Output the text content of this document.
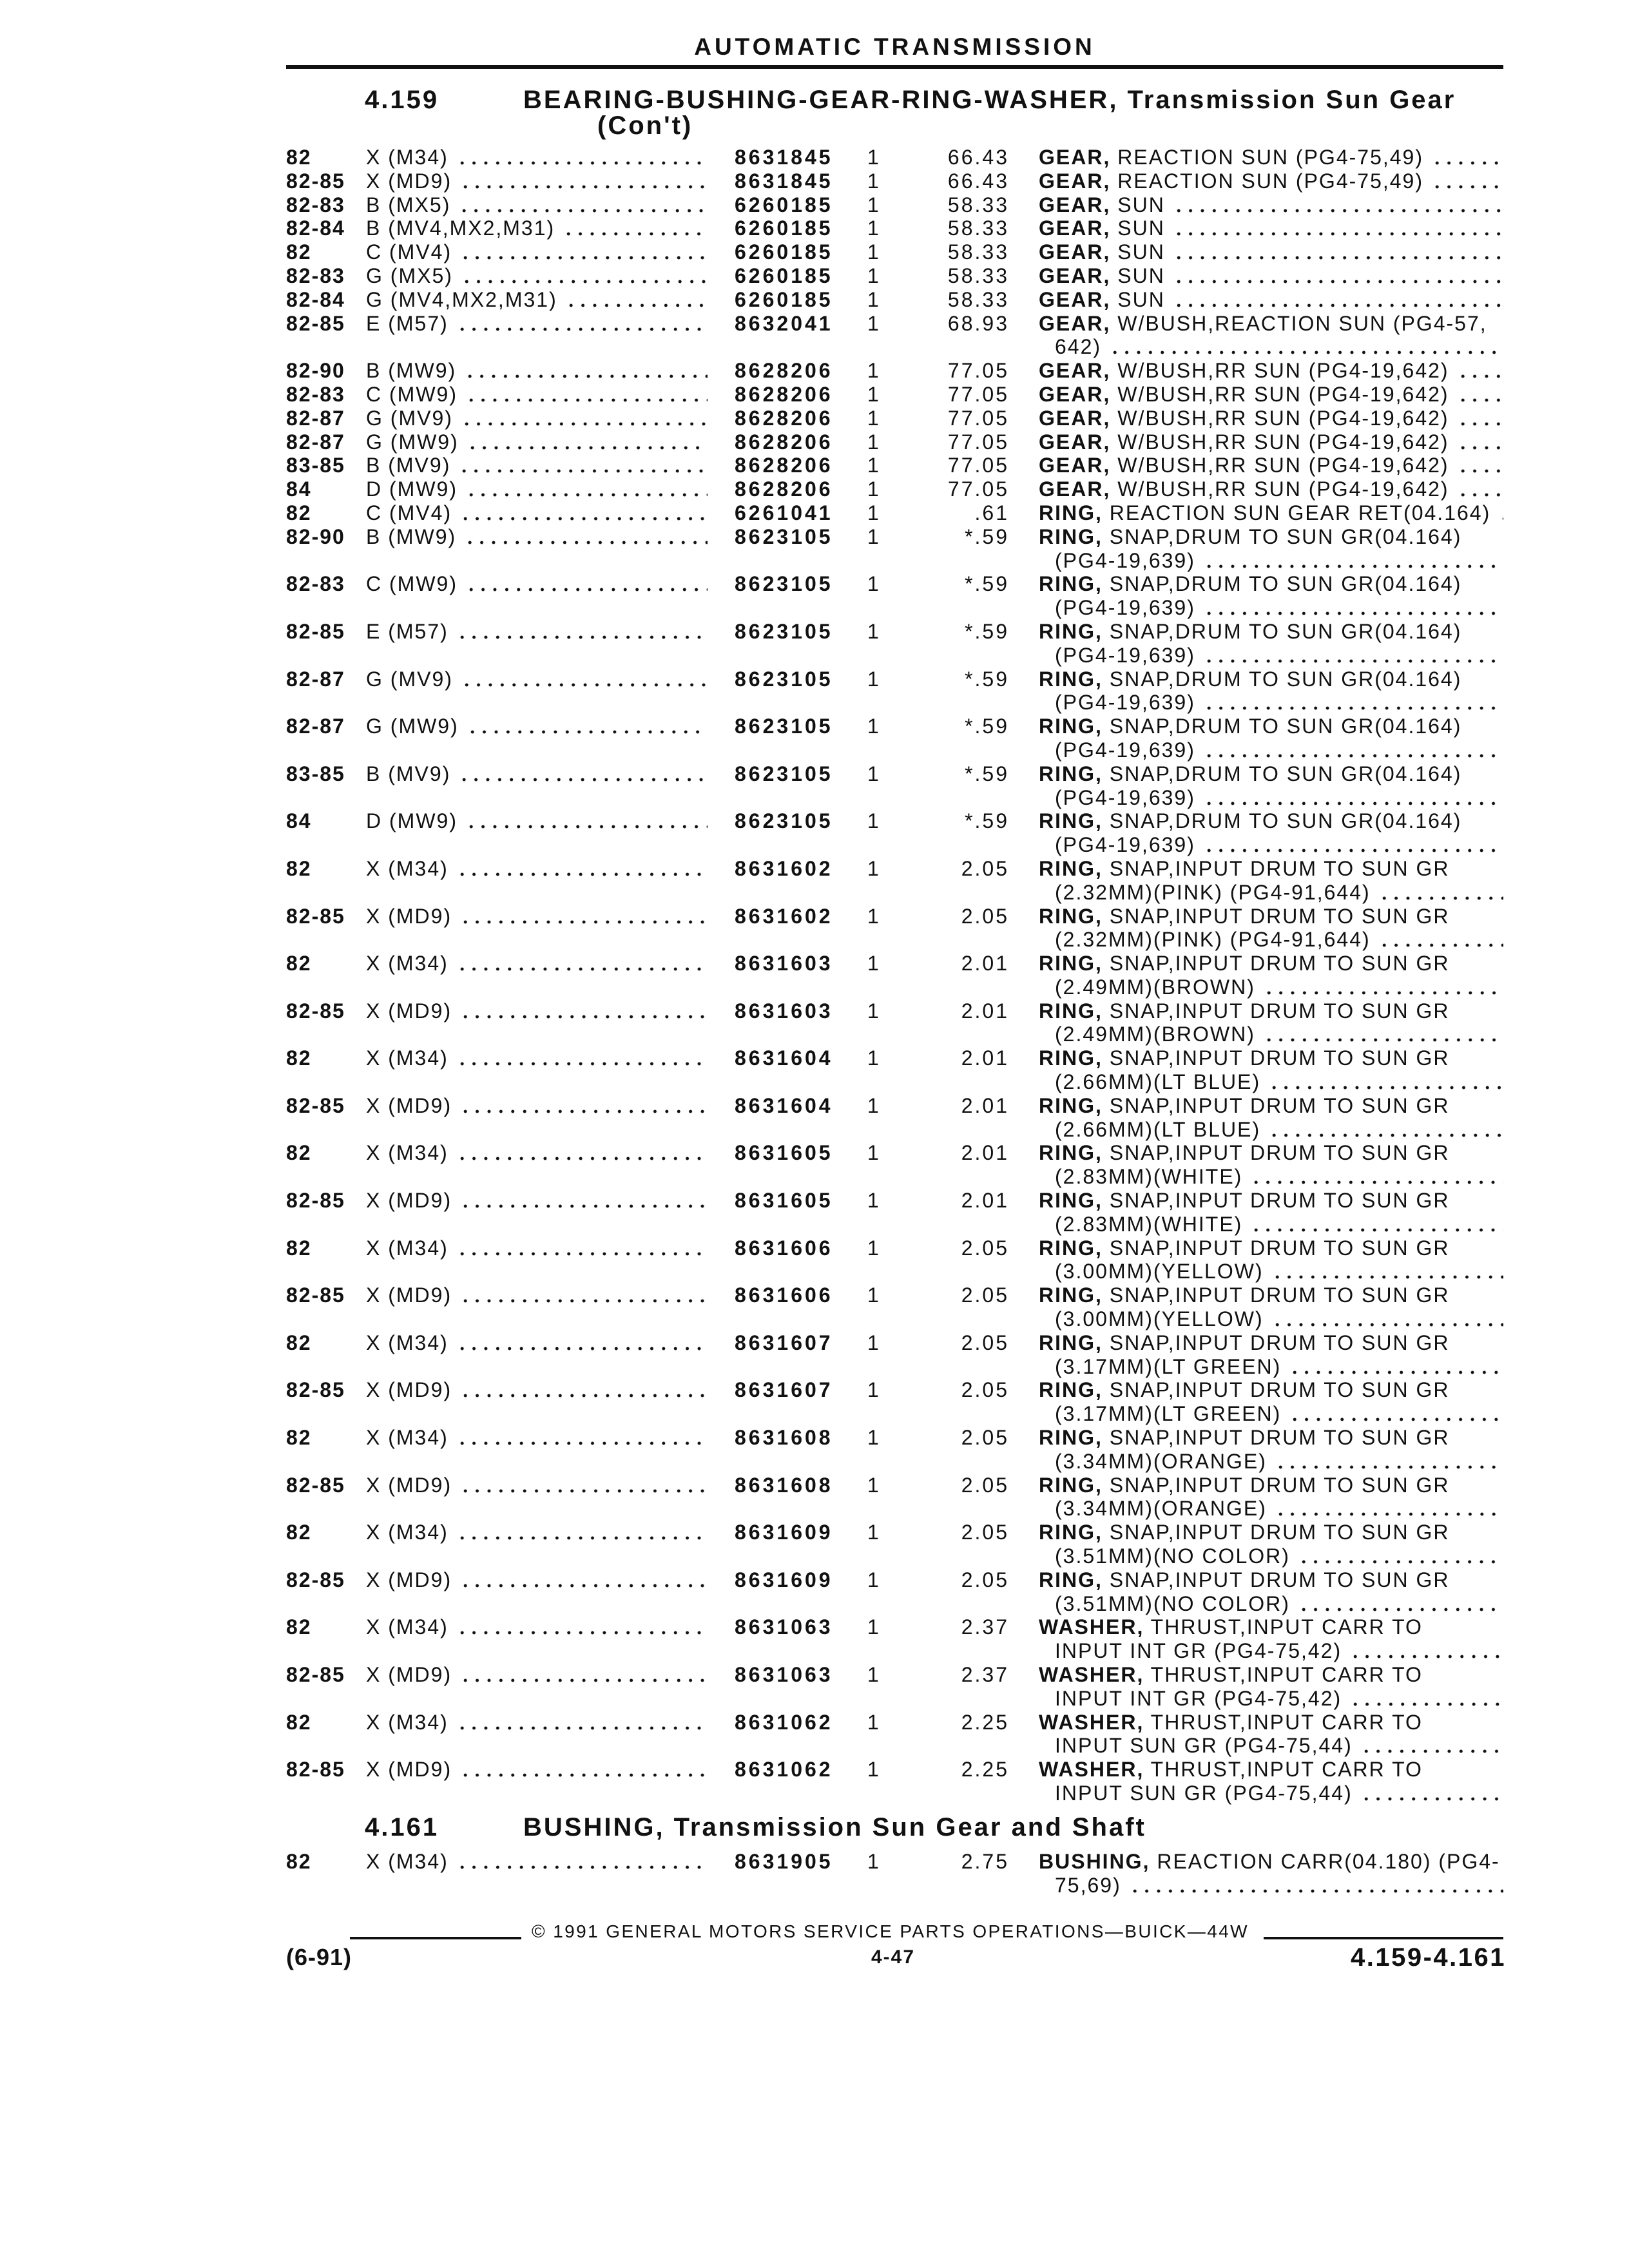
AUTOMATIC TRANSMISSION
4.159	BEARING-BUSHING-GEAR-RING-WASHER, Transmission Sun Gear
(Con't)
82	X (M34)	8631845	1	66.43 GEAR, REACTION SUN (PG4-75,49)
82-85	X (MD9)	8631845	1	66.43 GEAR, REACTION SUN (PG4-75,49)
82-83	B (MX5)	6260185	1	58.33 GEAR, SUN
82-84	B (MV4,MX2,M31)	6260185	1	58.33 GEAR, SUN
82	C (MV4)	6260185	1	58.33 GEAR, SUN
82-83	G (MX5)	6260185	1	58.33 GEAR, SUN
82-84	G (MV4,MX2,M31)	6260185	1	58.33 GEAR, SUN
82-85	E (M57)	8632041	1	68.93 GEAR, W/BUSH,REACTION SUN (PG4-57,
642)
82-90	B (MW9)	8628206	1	77.05 GEAR, W/BUSH,RR SUN (PG4-19,642)
82-83	C (MW9)	8628206	1	77.05 GEAR, W/BUSH,RR SUN (PG4-19,642)
82-87	G (MV9)	8628206	1	77.05 GEAR, W/BUSH,RR SUN (PG4-19,642)
82-87	G (MW9)	8628206	1	77.05 GEAR, W/BUSH,RR SUN (PG4-19,642)
83-85	B (MV9)	8628206	1	77.05 GEAR, W/BUSH,RR SUN (PG4-19,642)
84	D (MW9)	8628206	1	77.05 GEAR, W/BUSH,RR SUN (PG4-19,642)
82	C (MV4)	6261041	1	.61 RING, REACTION SUN GEAR RET(04.164)
82-90	B (MW9)	8623105	1	*.59 RING, SNAP,DRUM TO SUN GR(04.164)
(PG4-19,639)
82-83	C (MW9)	8623105	1	*.59 RING, SNAP,DRUM TO SUN GR(04.164)
(PG4-19,639)
82-85	E (M57)	8623105	1	*.59 RING, SNAP,DRUM TO SUN GR(04.164)
(PG4-19,639)
82-87	G (MV9)	8623105	1	*.59 RING, SNAP,DRUM TO SUN GR(04.164)
(PG4-19,639)
82-87	G (MW9)	8623105	1	*.59 RING, SNAP,DRUM TO SUN GR(04.164)
(PG4-19,639)
83-85	B (MV9)	8623105	1	*.59 RING, SNAP,DRUM TO SUN GR(04.164)
(PG4-19,639)
84	D (MW9)	8623105	1	*.59 RING, SNAP,DRUM TO SUN GR(04.164)
(PG4-19,639)
82	X (M34)	8631602	1	2.05 RING, SNAP,INPUT DRUM TO SUN GR
(2.32MM)(PINK) (PG4-91,644)
82-85	X (MD9)	8631602	1	2.05 RING, SNAP,INPUT DRUM TO SUN GR
(2.32MM)(PINK) (PG4-91,644)
82	X (M34)	8631603	1	2.01 RING, SNAP,INPUT DRUM TO SUN GR
(2.49MM)(BROWN)
82-85	X (MD9)	8631603	1	2.01 RING, SNAP,INPUT DRUM TO SUN GR
(2.49MM)(BROWN)
82	X (M34)	8631604	1	2.01 RING, SNAP,INPUT DRUM TO SUN GR
(2.66MM)(LT BLUE)
82-85	X (MD9)	8631604	1	2.01 RING, SNAP,INPUT DRUM TO SUN GR
(2.66MM)(LT BLUE)
82	X (M34)	8631605	1	2.01 RING, SNAP,INPUT DRUM TO SUN GR
(2.83MM)(WHITE)
82-85	X (MD9)	8631605	1	2.01 RING, SNAP,INPUT DRUM TO SUN GR
(2.83MM)(WHITE)
82	X (M34)	8631606	1	2.05 RING, SNAP,INPUT DRUM TO SUN GR
(3.00MM)(YELLOW)
82-85	X (MD9)	8631606	1	2.05 RING, SNAP,INPUT DRUM TO SUN GR
(3.00MM)(YELLOW)
82	X (M34)	8631607	1	2.05 RING, SNAP,INPUT DRUM TO SUN GR
(3.17MM)(LT GREEN)
82-85	X (MD9)	8631607	1	2.05 RING, SNAP,INPUT DRUM TO SUN GR
(3.17MM)(LT GREEN)
82	X (M34)	8631608	1	2.05 RING, SNAP,INPUT DRUM TO SUN GR
(3.34MM)(ORANGE)
82-85	X (MD9)	8631608	1	2.05 RING, SNAP,INPUT DRUM TO SUN GR
(3.34MM)(ORANGE)
82	X (M34)	8631609	1	2.05 RING, SNAP,INPUT DRUM TO SUN GR
(3.51MM)(NO COLOR)
82-85	X (MD9)	8631609	1	2.05 RING, SNAP,INPUT DRUM TO SUN GR
(3.51MM)(NO COLOR)
82	X (M34)	8631063	1	2.37 WASHER, THRUST,INPUT CARR TO
INPUT INT GR (PG4-75,42)
82-85	X (MD9)	8631063	1	2.37 WASHER, THRUST,INPUT CARR TO
INPUT INT GR (PG4-75,42)
82	X (M34)	8631062	1	2.25 WASHER, THRUST,INPUT CARR TO
INPUT SUN GR (PG4-75,44)
82-85	X (MD9)	8631062	1	2.25 WASHER, THRUST,INPUT CARR TO
INPUT SUN GR (PG4-75,44)
4.161	BUSHING, Transmission Sun Gear and Shaft
82	X (M34)	8631905	1	2.75 BUSHING, REACTION CARR(04.180) (PG4-
75,69)
© 1991 GENERAL MOTORS SERVICE PARTS OPERATIONS—BUICK—44W
(6-91)	4-47	4.159-4.161
